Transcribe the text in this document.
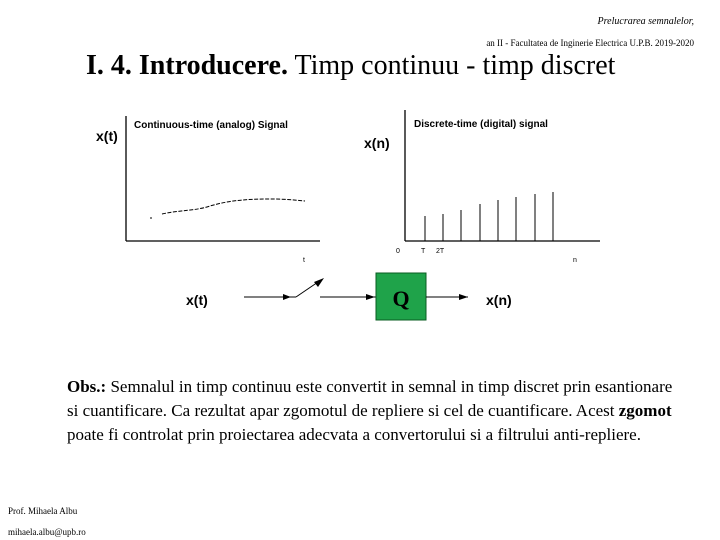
Prelucrarea semnalelor,
an II - Facultatea de Inginerie Electrica U.P.B. 2019-2020
I. 4. Introducere. Timp continuu - timp discret
x(t)
Continuous-time (analog) Signal
t
x(n)
Discrete-time (digital) signal
0	T 2T
n
x(t)	Q	x(n)
Obs.: Semnalul in timp continuu este convertit in semnal in timp discret prin esantionare si cuantificare. Ca rezultat apar zgomotul de repliere si cel de cuantificare. Acest zgomot poate fi controlat prin proiectarea adecvata a convertorului si a filtrului anti-repliere.
Prof. Mihaela Albu
mihaela.albu@upb.ro
